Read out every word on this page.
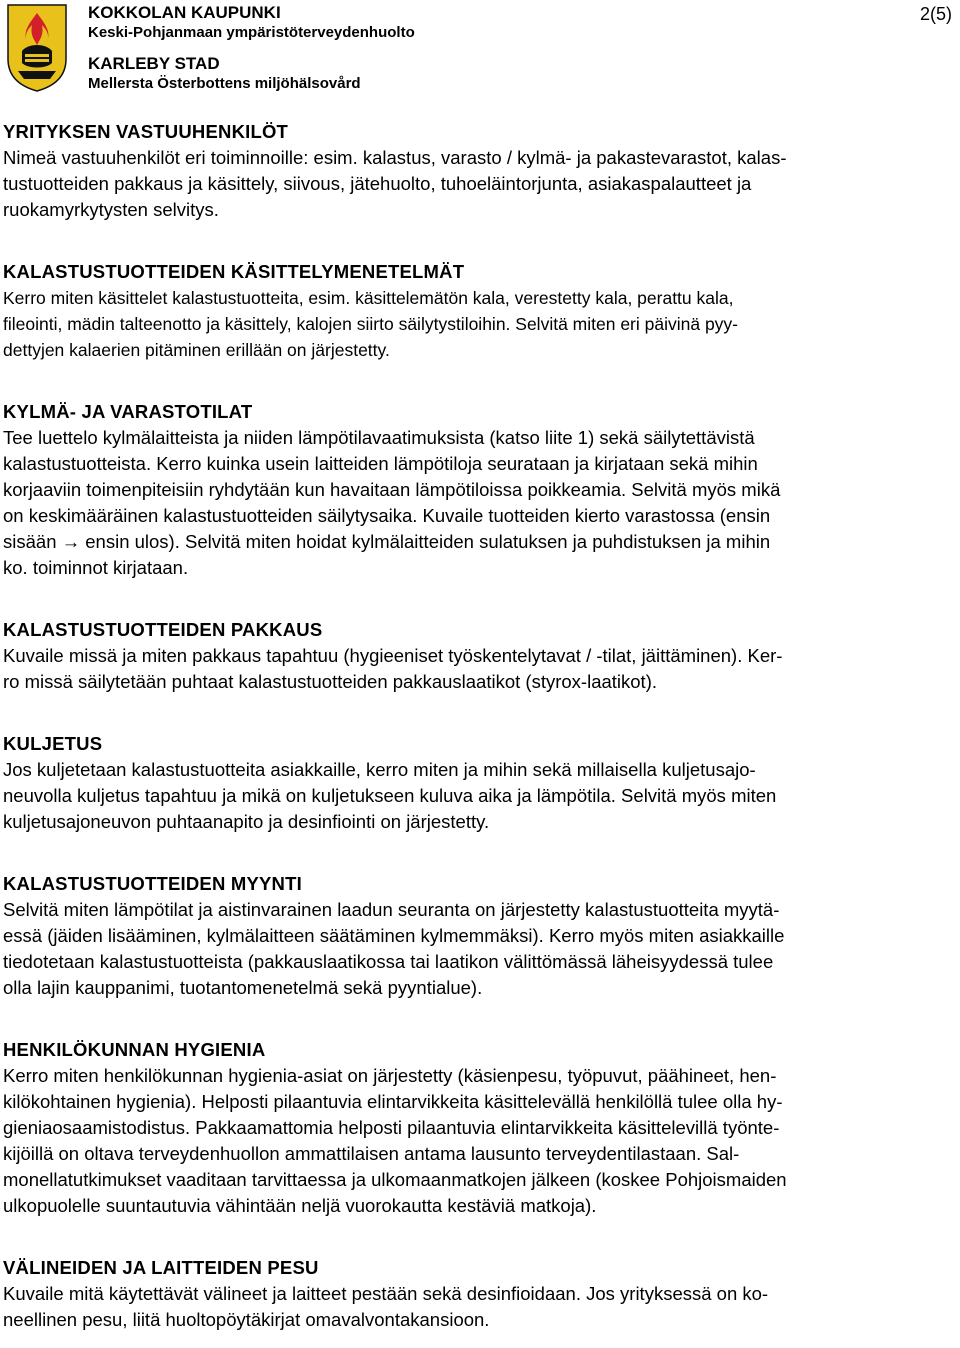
KOKKOLAN KAUPUNKI
Keski-Pohjanmaan ympäristöterveydenhuolto
KARLEBY STAD
Mellersta Österbottens miljöhälsovård
2(5)
YRITYKSEN VASTUUHENKILÖT

Nimeä vastuuhenkilöt eri toiminnoille: esim. kalastus, varasto / kylmä- ja pakastevarastot, kalas-

tustuotteiden pakkaus ja käsittely, siivous, jätehuolto, tuhoeläintorjunta, asiakaspalautteet ja

ruokamyrkytysten selvitys.

KALASTUSTUOTTEIDEN KÄSITTELYMENETELMÄT

Kerro miten käsittelet kalastustuotteita, esim. käsittelemätön kala, verestetty kala, perattu kala,

fileointi, mädin talteenotto ja käsittely, kalojen siirto säilytystiloihin. Selvitä miten eri päivinä pyy-

dettyjen kalaerien pitäminen erillään on järjestetty.

KYLMÄ- JA VARASTOTILAT

Tee luettelo kylmälaitteista ja niiden lämpötilavaatimuksista (katso liite 1) sekä säilytettävistä

kalastustuotteista. Kerro kuinka usein laitteiden lämpötiloja seurataan ja kirjataan sekä mihin

korjaaviin toimenpiteisiin ryhdytään kun havaitaan lämpötiloissa poikkeamia. Selvitä myös mikä

on keskimääräinen kalastustuotteiden säilytysaika. Kuvaile tuotteiden kierto varastossa (ensin

sisään → ensin ulos). Selvitä miten hoidat kylmälaitteiden sulatuksen ja puhdistuksen ja mihin

ko. toiminnot kirjataan.

KALASTUSTUOTTEIDEN PAKKAUS

Kuvaile missä ja miten pakkaus tapahtuu (hygieeniset työskentelytavat / -tilat, jäittäminen). Ker-

ro missä säilytetään puhtaat kalastustuotteiden pakkauslaatikot (styrox-laatikot).

KULJETUS

Jos kuljetetaan kalastustuotteita asiakkaille, kerro miten ja mihin sekä millaisella kuljetusajo-

neuvolla kuljetus tapahtuu ja mikä on kuljetukseen kuluva aika ja lämpötila. Selvitä myös miten

kuljetusajoneuvon puhtaanapito ja desinfiointi on järjestetty.

KALASTUSTUOTTEIDEN MYYNTI

Selvitä miten lämpötilat ja aistinvarainen laadun seuranta on järjestetty kalastustuotteita myytä-

essä (jäiden lisääminen, kylmälaitteen säätäminen kylmemmäksi). Kerro myös miten asiakkaille

tiedotetaan kalastustuotteista (pakkauslaatikossa tai laatikon välittömässä läheisyydessä tulee

olla lajin kauppanimi, tuotantomenetelmä sekä pyyntialue).

HENKILÖKUNNAN HYGIENIA

Kerro miten henkilökunnan hygienia-asiat on järjestetty (käsienpesu, työpuvut, päähineet, hen-

kilökohtainen hygienia). Helposti pilaantuvia elintarvikkeita käsittelevällä henkilöllä tulee olla hy-

gieniaosaamistodistus. Pakkaamattomia helposti pilaantuvia elintarvikkeita käsittelevillä työnte-

kijöillä on oltava terveydenhuollon ammattilaisen antama lausunto terveydentilastaan. Sal-

monellatutkimukset vaaditaan tarvittaessa ja ulkomaanmatkojen jälkeen (koskee Pohjoismaiden

ulkopuolelle suuntautuvia vähintään neljä vuorokautta kestäviä matkoja).

VÄLINEIDEN JA LAITTEIDEN PESU

Kuvaile mitä käytettävät välineet ja laitteet pestään sekä desinfioidaan. Jos yrityksessä on ko-

neellinen pesu, liitä huoltopöytäkirjat omavalvontakansioon.
